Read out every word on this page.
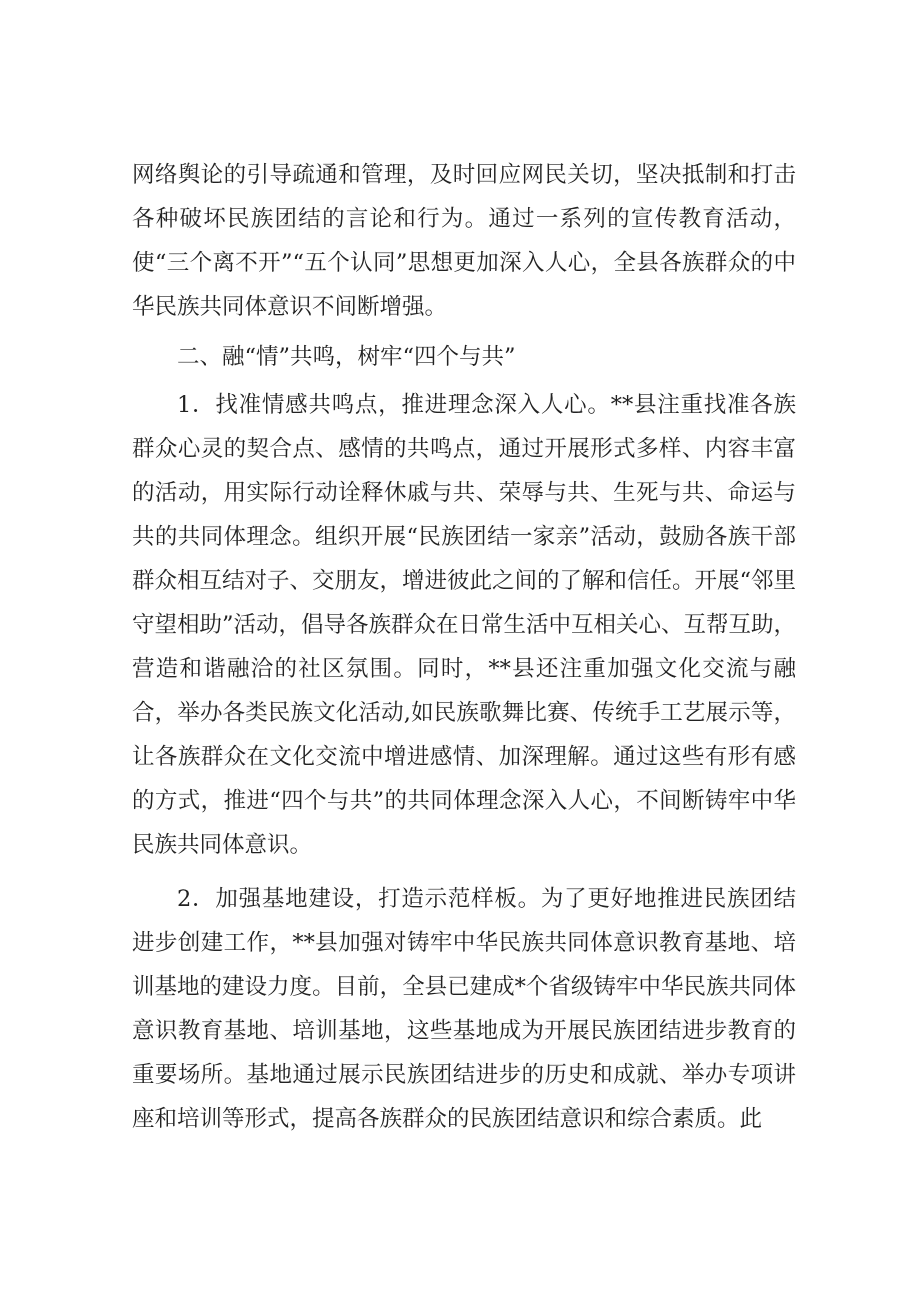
网络舆论的引导疏通和管理，及时回应网民关切，坚决抵制和打击各种破坏民族团结的言论和行为。通过一系列的宣传教育活动，使“三个离不开”“五个认同”思想更加深入人心，全县各族群众的中华民族共同体意识不间断增强。

二、融“情”共鸣，树牢“四个与共”

1．找准情感共鸣点，推进理念深入人心。**县注重找准各族群众心灵的契合点、感情的共鸣点，通过开展形式多样、内容丰富的活动，用实际行动诠释休戚与共、荣辱与共、生死与共、命运与共的共同体理念。组织开展“民族团结一家亲”活动，鼓励各族干部群众相互结对子、交朋友，增进彼此之间的了解和信任。开展“邻里守望相助”活动，倡导各族群众在日常生活中互相关心、互帮互助，营造和谐融洽的社区氛围。同时，**县还注重加强文化交流与融合，举办各类民族文化活动,如民族歌舞比赛、传统手工艺展示等，让各族群众在文化交流中增进感情、加深理解。通过这些有形有感的方式，推进“四个与共”的共同体理念深入人心，不间断铸牢中华民族共同体意识。

2．加强基地建设，打造示范样板。为了更好地推进民族团结进步创建工作，**县加强对铸牢中华民族共同体意识教育基地、培训基地的建设力度。目前，全县已建成*个省级铸牢中华民族共同体意识教育基地、培训基地，这些基地成为开展民族团结进步教育的重要场所。基地通过展示民族团结进步的历史和成就、举办专项讲座和培训等形式，提高各族群众的民族团结意识和综合素质。此
